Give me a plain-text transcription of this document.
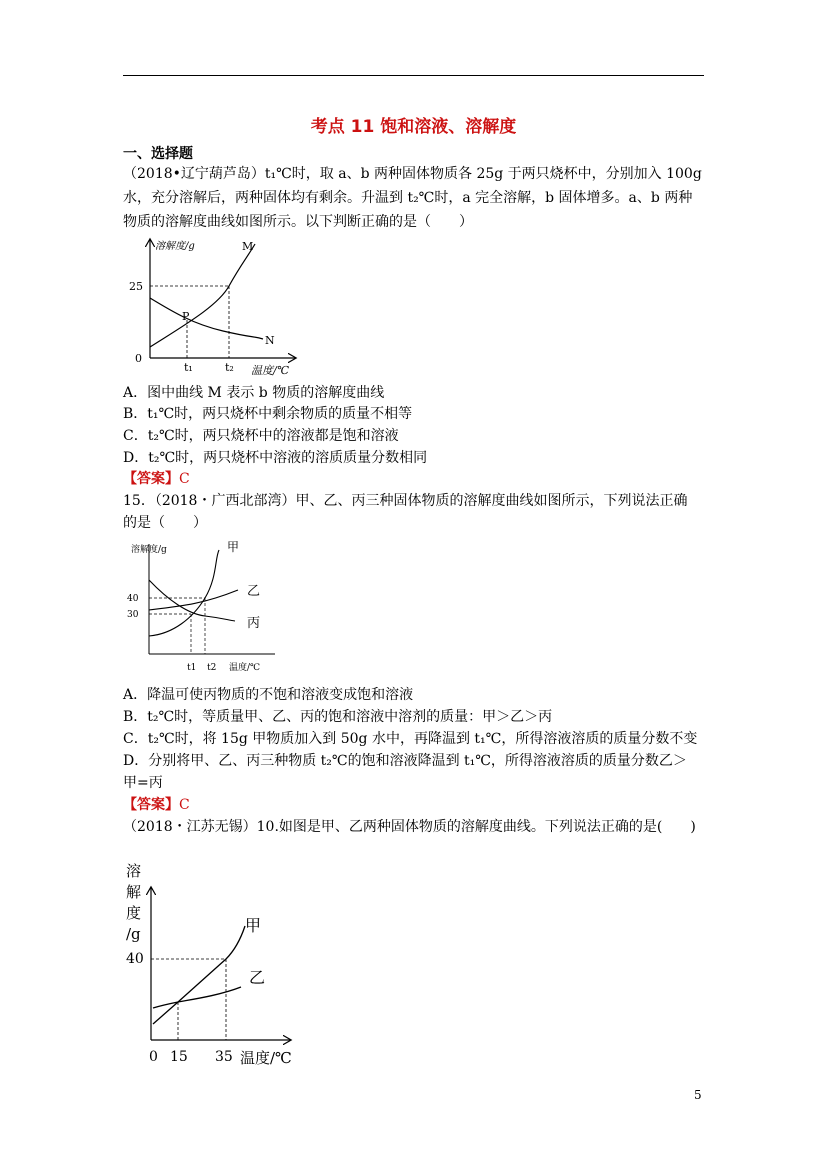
考点 11 饱和溶液、溶解度
一、选择题
（2018•辽宁葫芦岛）t₁℃时，取 a、b 两种固体物质各 25g 于两只烧杯中，分别加入 100g
水，充分溶解后，两种固体均有剩余。升温到 t₂℃时，a 完全溶解，b 固体增多。a、b 两种
物质的溶解度曲线如图所示。以下判断正确的是（　　）
溶解度/g
温度/℃
0
25
t₁	t₂
M
N
P
A．图中曲线 M 表示 b 物质的溶解度曲线
B．t₁℃时，两只烧杯中剩余物质的质量不相等
C．t₂℃时，两只烧杯中的溶液都是饱和溶液
D．t₂℃时，两只烧杯中溶液的溶质质量分数相同
【答案】C
15．（2018・广西北部湾）甲、乙、丙三种固体物质的溶解度曲线如图所示，下列说法正确
的是（　　）
溶解度/g
温度/℃
40
30
t1 t2
甲
乙
丙
A．降温可使丙物质的不饱和溶液变成饱和溶液
B．t₂℃时，等质量甲、乙、丙的饱和溶液中溶剂的质量：甲＞乙＞丙
C．t₂℃时，将 15g 甲物质加入到 50g 水中，再降温到 t₁℃，所得溶液溶质的质量分数不变
D．分别将甲、乙、丙三种物质 t₂℃的饱和溶液降温到 t₁℃，所得溶液溶质的质量分数乙＞
甲=丙
【答案】C
（2018・江苏无锡）10.如图是甲、乙两种固体物质的溶解度曲线。下列说法正确的是(　　)
溶
解
度
/g
0
40
15 35 温度/℃
甲
乙
5
